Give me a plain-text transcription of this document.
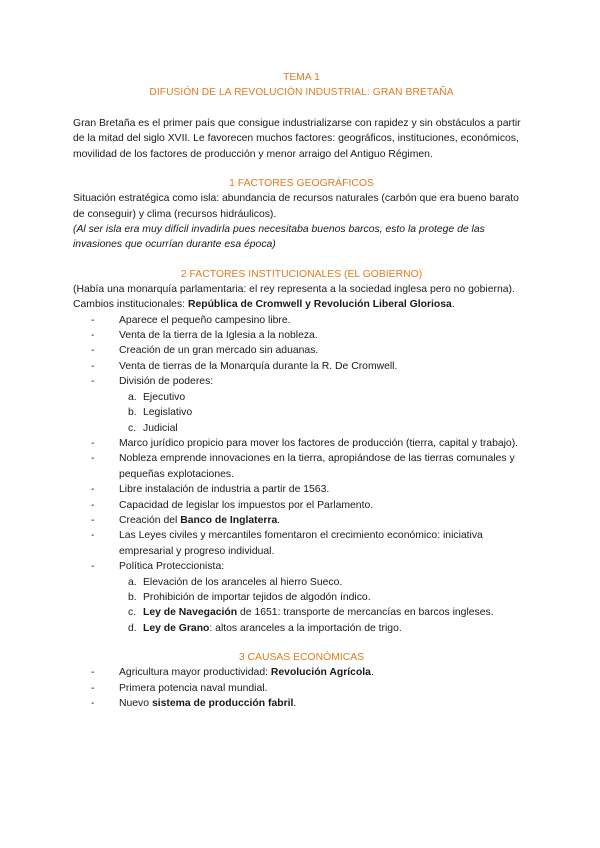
TEMA 1
DIFUSIÓN DE LA REVOLUCIÓN INDUSTRIAL: GRAN BRETAÑA

Gran Bretaña es el primer país que consigue industrializarse con rapidez y sin obstáculos a partir de la mitad del siglo XVII. Le favorecen muchos factores: geográficos, instituciones, económicos, movilidad de los factores de producción y menor arraigo del Antiguo Régimen.

1 FACTORES GEOGRÁFICOS

Situación estratégica como isla: abundancia de recursos naturales (carbón que era bueno barato de conseguir) y clima (recursos hidráulicos).

(Al ser isla era muy difícil invadirla pues necesitaba buenos barcos, esto la protege de las invasiones que ocurrían durante esa época)

2 FACTORES INSTITUCIONALES (EL GOBIERNO)

(Había una monarquía parlamentaria: el rey representa a la sociedad inglesa pero no gobierna).

Cambios institucionales: República de Cromwell y Revolución Liberal Gloriosa.

- Aparece el pequeño campesino libre.
- Venta de la tierra de la Iglesia a la nobleza.
- Creación de un gran mercado sin aduanas.
- Venta de tierras de la Monarquía durante la R. De Cromwell.
- División de poderes:
a. Ejecutivo
b. Legislativo
c. Judicial
- Marco jurídico propicio para mover los factores de producción (tierra, capital y trabajo).
- Nobleza emprende innovaciones en la tierra, apropiándose de las tierras comunales y pequeñas explotaciones.
- Libre instalación de industria a partir de 1563.
- Capacidad de legislar los impuestos por el Parlamento.
- Creación del Banco de Inglaterra.
- Las Leyes civiles y mercantiles fomentaron el crecimiento económico: iniciativa empresarial y progreso individual.
- Política Proteccionista:
a. Elevación de los aranceles al hierro Sueco.
b. Prohibición de importar tejidos de algodón índico.
c. Ley de Navegación de 1651: transporte de mercancías en barcos ingleses.
d. Ley de Grano: altos aranceles a la importación de trigo.
3 CAUSAS ECONÓMICAS
- Agricultura mayor productividad: Revolución Agrícola.
- Primera potencia naval mundial.
- Nuevo sistema de producción fabril.
